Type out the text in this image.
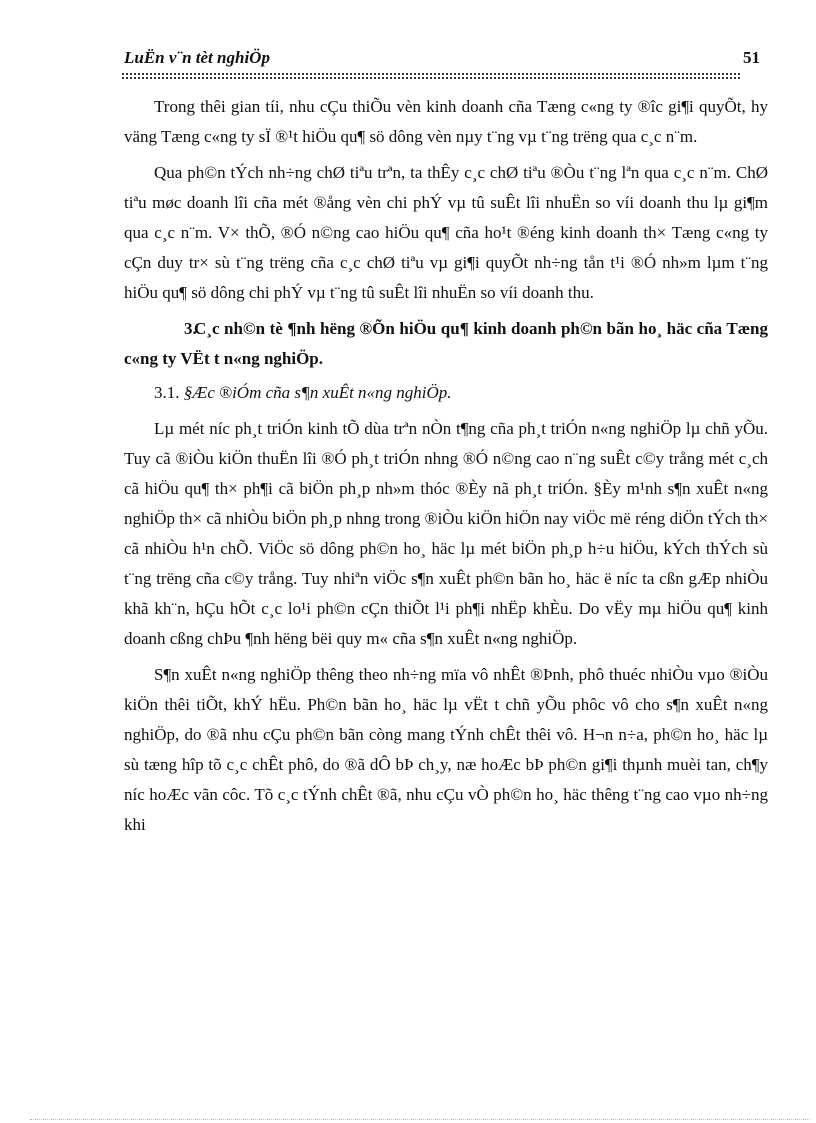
LuËn v¨n tèt nghiÖp	51

Trong thêi gian tíi, nhu cÇu thiÕu vèn kinh doanh cña Tæng c«ng ty ®îc gi¶i quyÕt, hy väng Tæng c«ng ty sÏ ®¹t hiÖu qu¶ sö dông vèn nµy t¨ng vµ t¨ng trëng qua c¸c n¨m.

Qua ph©n tÝch nh÷ng chØ tiªu trªn, ta thÊy c¸c chØ tiªu ®Òu t¨ng lªn qua c¸c n¨m. ChØ tiªu møc doanh lîi cña mét ®ång vèn chi phÝ vµ tû suÊt lîi nhuËn so víi doanh thu lµ gi¶m qua c¸c n¨m. V× thÕ, ®Ó n©ng cao hiÖu qu¶ cña ho¹t ®éng kinh doanh th× Tæng c«ng ty cÇn duy tr× sù t¨ng trëng cña c¸c chØ tiªu vµ gi¶i quyÕt nh÷ng tån t¹i ®Ó nh»m lµm t¨ng hiÖu qu¶ sö dông chi phÝ vµ t¨ng tû suÊt lîi nhuËn so víi doanh thu.

3.C¸c nh©n tè ¶nh hëng ®Õn hiÖu qu¶ kinh doanh ph©n bãn ho¸ häc cña Tæng c«ng ty VËt t n«ng nghiÖp.

3.1. §Æc ®iÓm cña s¶n xuÊt n«ng nghiÖp.

Lµ mét níc ph¸t triÓn kinh tÕ dùa trªn nÒn t¶ng cña ph¸t triÓn n«ng nghiÖp lµ chñ yÕu. Tuy cã ®iÒu kiÖn thuËn lîi ®Ó ph¸t triÓn nhng ®Ó n©ng cao n¨ng suÊt c©y trång mét c¸ch cã hiÖu qu¶ th× ph¶i cã biÖn ph¸p nh»m thóc ®Èy nã ph¸t triÓn. §Èy m¹nh s¶n xuÊt n«ng nghiÖp th× cã nhiÒu biÖn ph¸p nhng trong ®iÒu kiÖn hiÖn nay viÖc më réng diÖn tÝch th× cã nhiÒu h¹n chÕ. ViÖc sö dông ph©n ho¸ häc lµ mét biÖn ph¸p h÷u hiÖu, kÝch thÝch sù t¨ng trëng cña c©y trång. Tuy nhiªn viÖc s¶n xuÊt ph©n bãn ho¸ häc ë níc ta cßn gÆp nhiÒu khã kh¨n, hÇu hÕt c¸c lo¹i ph©n cÇn thiÕt l¹i ph¶i nhËp khÈu. Do vËy mµ hiÖu qu¶ kinh doanh cßng chÞu ¶nh hëng bëi quy m« cña s¶n xuÊt n«ng nghiÖp.

S¶n xuÊt n«ng nghiÖp thêng theo nh÷ng mïa vô nhÊt ®Þnh, phô thuéc nhiÒu vµo ®iÒu kiÖn thêi tiÕt, khÝ hËu. Ph©n bãn ho¸ häc lµ vËt t chñ yÕu phôc vô cho s¶n xuÊt n«ng nghiÖp, do ®ã nhu cÇu ph©n bãn còng mang tÝnh chÊt thêi vô. H¬n n÷a, ph©n ho¸ häc lµ sù tæng hîp tõ c¸c chÊt phô, do ®ã dÔ bÞ ch¸y, næ hoÆc bÞ ph©n gi¶i thµnh muèi tan, ch¶y níc hoÆc vãn côc. Tõ c¸c tÝnh chÊt ®ã, nhu cÇu vÒ ph©n ho¸ häc thêng t¨ng cao vµo nh÷ng khi
